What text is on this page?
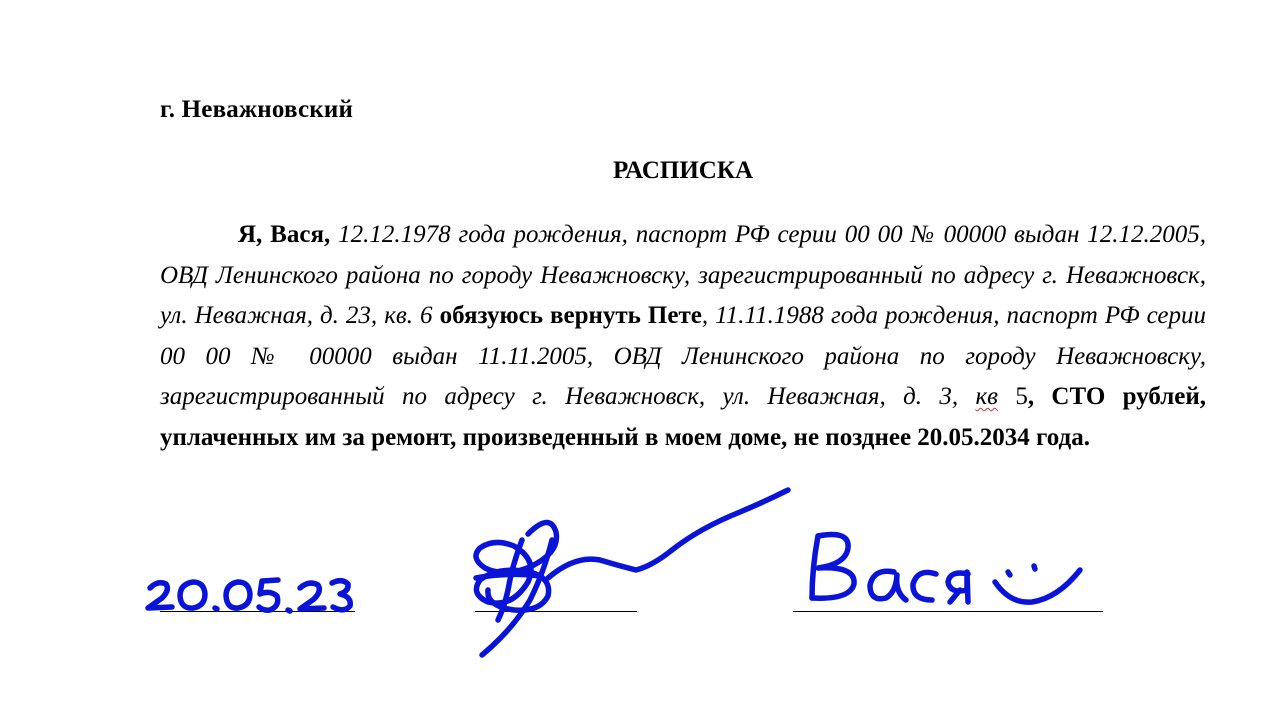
г. Неважновский
РАСПИСКА
Я, Вася, 12.12.1978 года рождения, паспорт РФ серии 00 00 № 00000 выдан 12.12.2005, ОВД Ленинского района по городу Неважновску, зарегистрированный по адресу г. Неважновск, ул. Неважная, д. 23, кв. 6 обязуюсь вернуть Пете, 11.11.1988 года рождения, паспорт РФ серии 00 00 № 00000 выдан 11.11.2005, ОВД Ленинского района по городу Неважновску, зарегистрированный по адресу г. Неважновск, ул. Неважная, д. 3, кв 5, СТО рублей, уплаченных им за ремонт, произведенный в моем доме, не позднее 20.05.2034 года.
